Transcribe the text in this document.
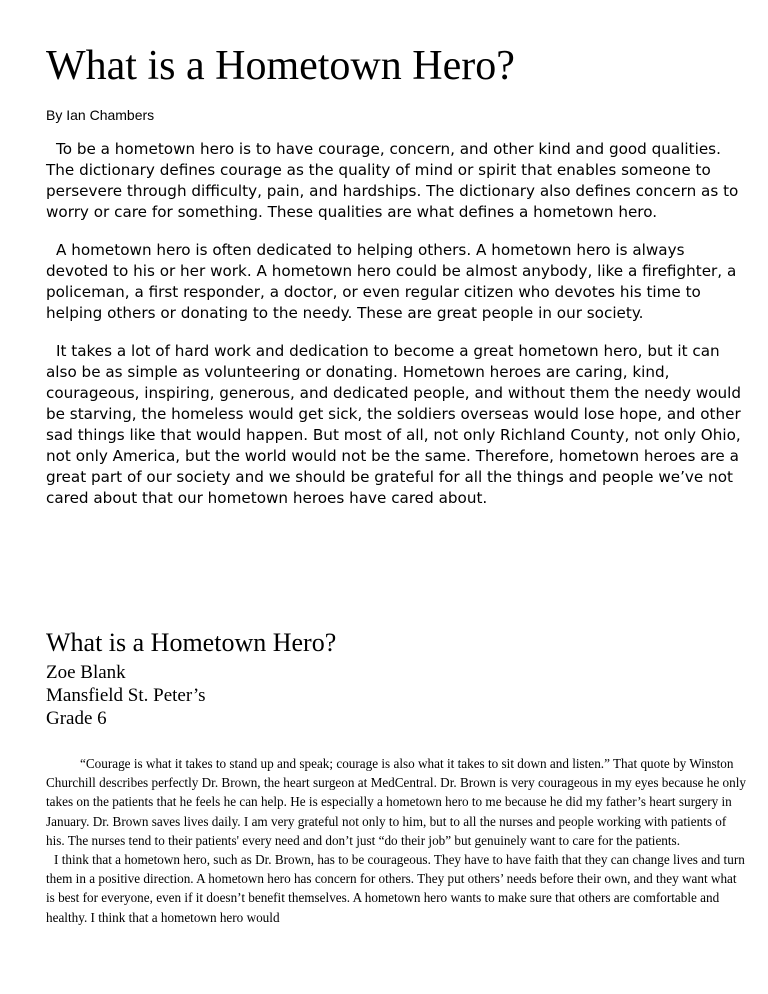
What is a Hometown Hero?

By Ian Chambers

To be a hometown hero is to have courage, concern, and other kind and good qualities. The dictionary defines courage as the quality of mind or spirit that enables someone to persevere through difficulty, pain, and hardships. The dictionary also defines concern as to worry or care for something. These qualities are what defines a hometown hero.

A hometown hero is often dedicated to helping others. A hometown hero is always devoted to his or her work. A hometown hero could be almost anybody, like a firefighter, a policeman, a first responder, a doctor, or even regular citizen who devotes his time to helping others or donating to the needy. These are great people in our society.

It takes a lot of hard work and dedication to become a great hometown hero, but it can also be as simple as volunteering or donating. Hometown heroes are caring, kind, courageous, inspiring, generous, and dedicated people, and without them the needy would be starving, the homeless would get sick, the soldiers overseas would lose hope, and other sad things like that would happen. But most of all, not only Richland County, not only Ohio, not only America, but the world would not be the same. Therefore, hometown heroes are a great part of our society and we should be grateful for all the things and people we’ve not cared about that our hometown heroes have cared about.

What is a Hometown Hero?

Zoe Blank

Mansfield St. Peter’s

Grade 6

“Courage is what it takes to stand up and speak; courage is also what it takes to sit down and listen.” That quote by Winston Churchill describes perfectly Dr. Brown, the heart surgeon at MedCentral. Dr. Brown is very courageous in my eyes because he only takes on the patients that he feels he can help. He is especially a hometown hero to me because he did my father’s heart surgery in January. Dr. Brown saves lives daily. I am very grateful not only to him, but to all the nurses and people working with patients of his. The nurses tend to their patients' every need and don’t just “do their job” but genuinely want to care for the patients.

I think that a hometown hero, such as Dr. Brown, has to be courageous. They have to have faith that they can change lives and turn them in a positive direction. A hometown hero has concern for others. They put others’ needs before their own, and they want what is best for everyone, even if it doesn’t benefit themselves. A hometown hero wants to make sure that others are comfortable and healthy. I think that a hometown hero would
